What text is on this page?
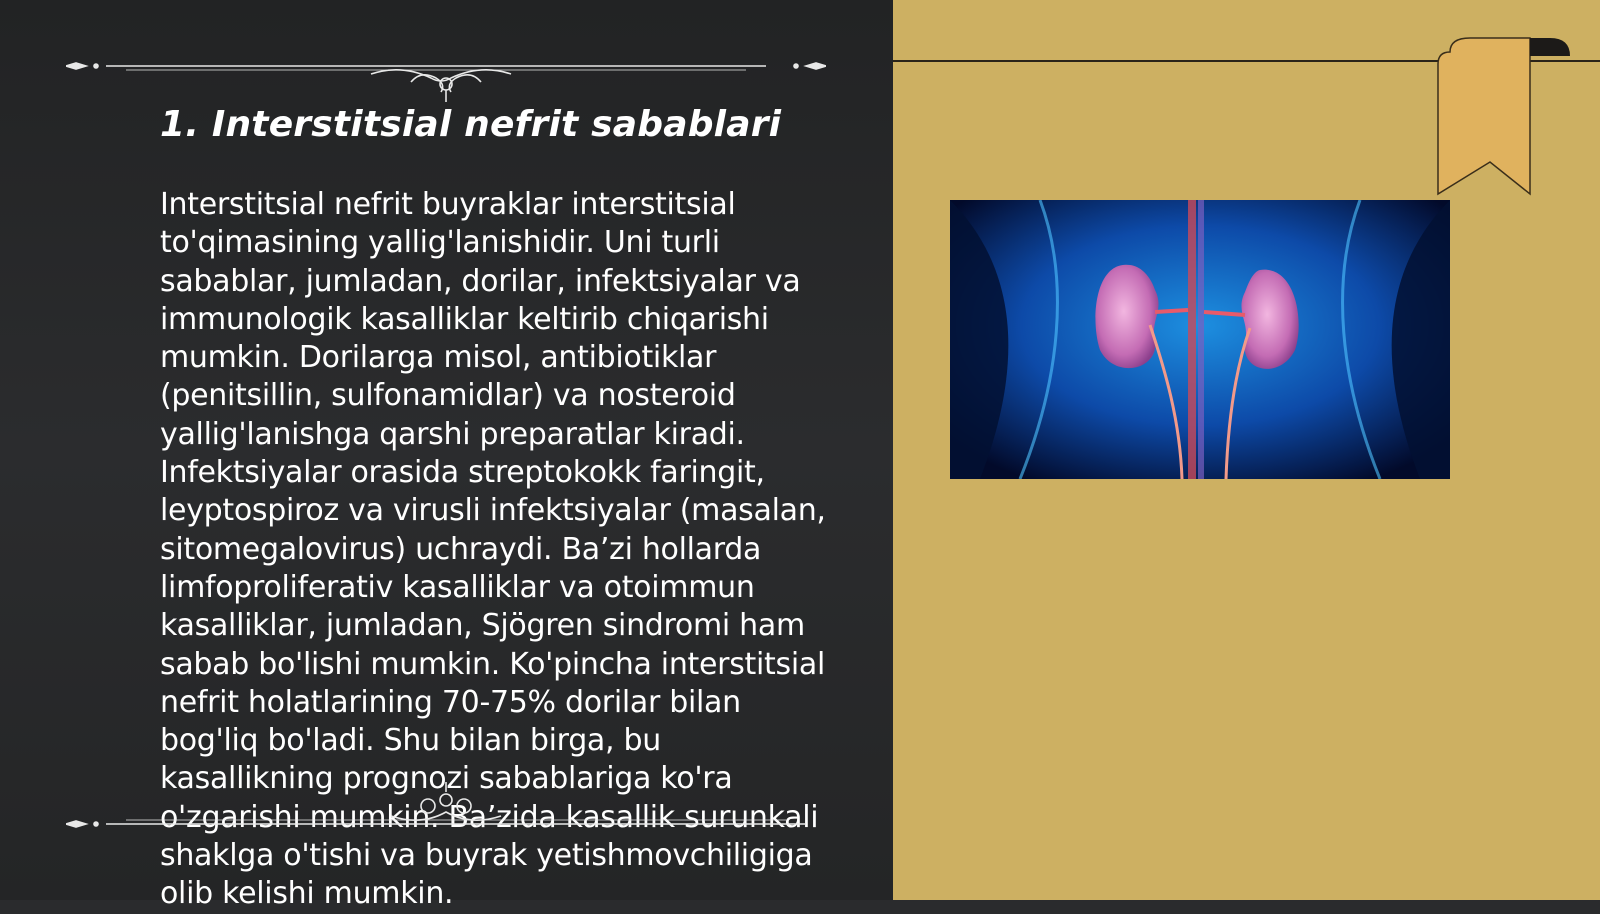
1. Interstitsial nefrit sabablari

Interstitsial nefrit buyraklar interstitsial to'qimasining yallig'lanishidir. Uni turli sabablar, jumladan, dorilar, infektsiyalar va immunologik kasalliklar keltirib chiqarishi mumkin. Dorilarga misol, antibiotiklar (penitsillin, sulfonamidlar) va nosteroid yallig'lanishga qarshi preparatlar kiradi. Infektsiyalar orasida streptokokk faringit, leyptospiroz va virusli infektsiyalar (masalan, sitomegalovirus) uchraydi. Ba’zi hollarda limfoproliferativ kasalliklar va otoimmun kasalliklar, jumladan, Sjögren sindromi ham sabab bo'lishi mumkin. Ko'pincha interstitsial nefrit holatlarining 70-75% dorilar bilan bog'liq bo'ladi. Shu bilan birga, bu kasallikning prognozi sabablariga ko'ra o'zgarishi mumkin. Ba’zida kasallik surunkali shaklga o'tishi va buyrak yetishmovchiligiga olib kelishi mumkin.
